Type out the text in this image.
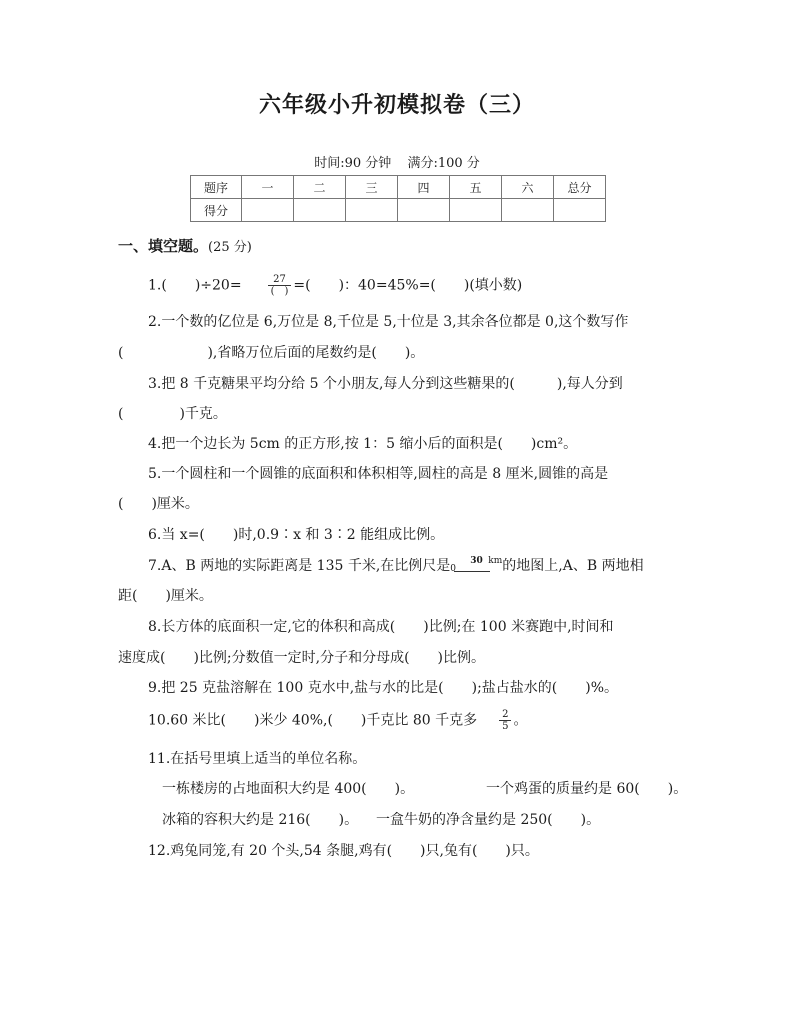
六年级小升初模拟卷（三）
时间:90 分钟 满分:100 分
题序	一	二	三	四	五	六	总分
得分							
一、填空题。(25 分)
1.(　　)÷20=	$\frac{27}{( )}$ =(　　)：40=45%=(　　)(填小数)
2.一个数的亿位是 6,万位是 8,千位是 5,十位是 3,其余各位都是 0,这个数写作
(　　　　　　),省略万位后面的尾数约是(　　)。
3.把 8 千克糖果平均分给 5 个小朋友,每人分到这些糖果的(　　　),每人分到
(　　　　)千克。
4.把一个边长为 5cm 的正方形,按 1：5 缩小后的面积是(　　)cm²。
5.一个圆柱和一个圆锥的底面积和体积相等,圆柱的高是 8 厘米,圆锥的高是
(　　)厘米。
6.当 x=(　　)时,0.9∶x 和 3∶2 能组成比例。
7.A、B 两地的实际距离是 135 千米,在比例尺是 0
30 km 的地图上,A、B 两地相
距(　　)厘米。
8.长方体的底面积一定,它的体积和高成(　　)比例;在 100 米赛跑中,时间和
速度成(　　)比例;分数值一定时,分子和分母成(　　)比例。
9.把 25 克盐溶解在 100 克水中,盐与水的比是(　　);盐占盐水的(　　)%。
10.60 米比(　　)米少 40%,(　　)千克比 80 千克多 $\frac{2}{5}$ 。
11.在括号里填上适当的单位名称。
一栋楼房的占地面积大约是 400(　　)。	一个鸡蛋的质量约是 60(　　)。
冰箱的容积大约是 216(　　)。 一盒牛奶的净含量约是 250(　　)。
12.鸡兔同笼,有 20 个头,54 条腿,鸡有(　　)只,兔有(　　)只。
